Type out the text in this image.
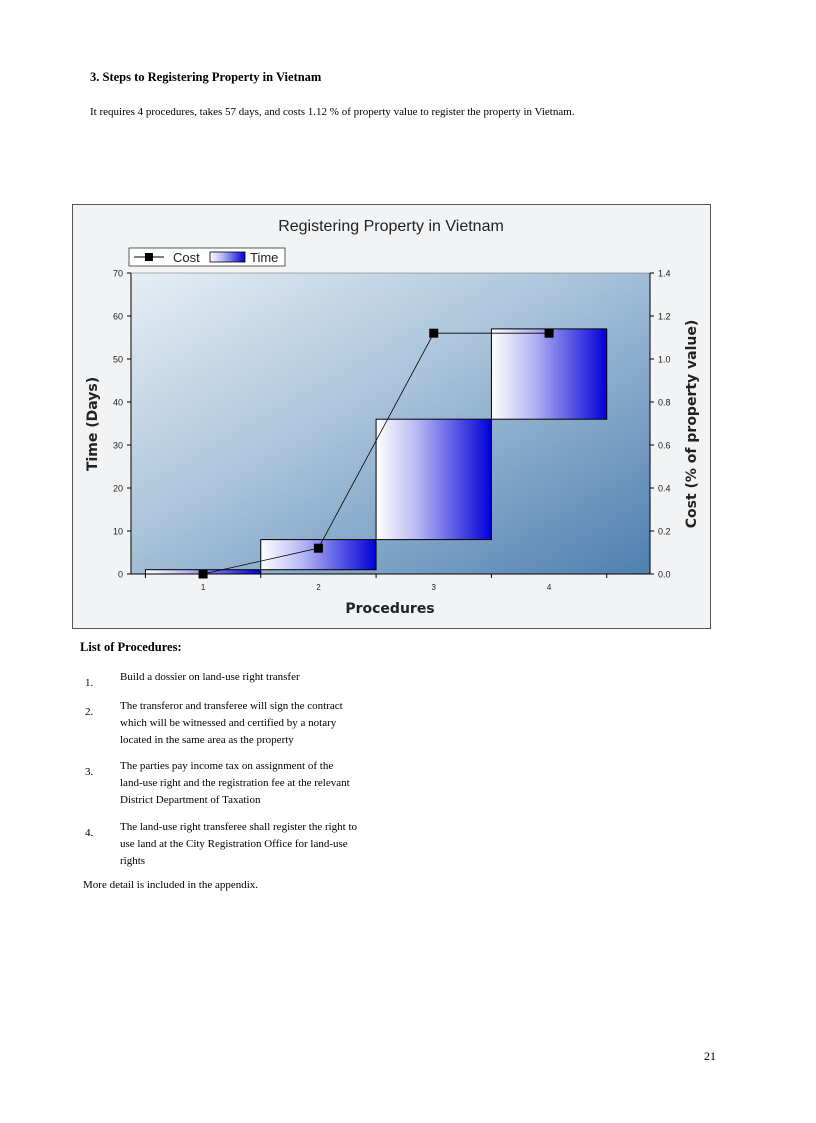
3. Steps to Registering Property in Vietnam
It requires 4 procedures, takes 57 days, and costs 1.12 % of property value to register the property in Vietnam.
Registering Property in Vietnam
0
10
20
30
40
50
60
70
0.0
0.2
0.4
0.6
0.8
1.0
1.2
1.4
1	2	3	4
Cost	Time
Procedures
Time (Days)	Cost (% of property value)
List of Procedures:
1.	Build a dossier on land-use right transfer
2.	The transferor and transferee will sign the contract
which will be witnessed and certified by a notary
located in the same area as the property
3.	The parties pay income tax on assignment of the
land-use right and the registration fee at the relevant
District Department of Taxation
4.	The land-use right transferee shall register the right to
use land at the City Registration Office for land-use
rights
More detail is included in the appendix.
21
